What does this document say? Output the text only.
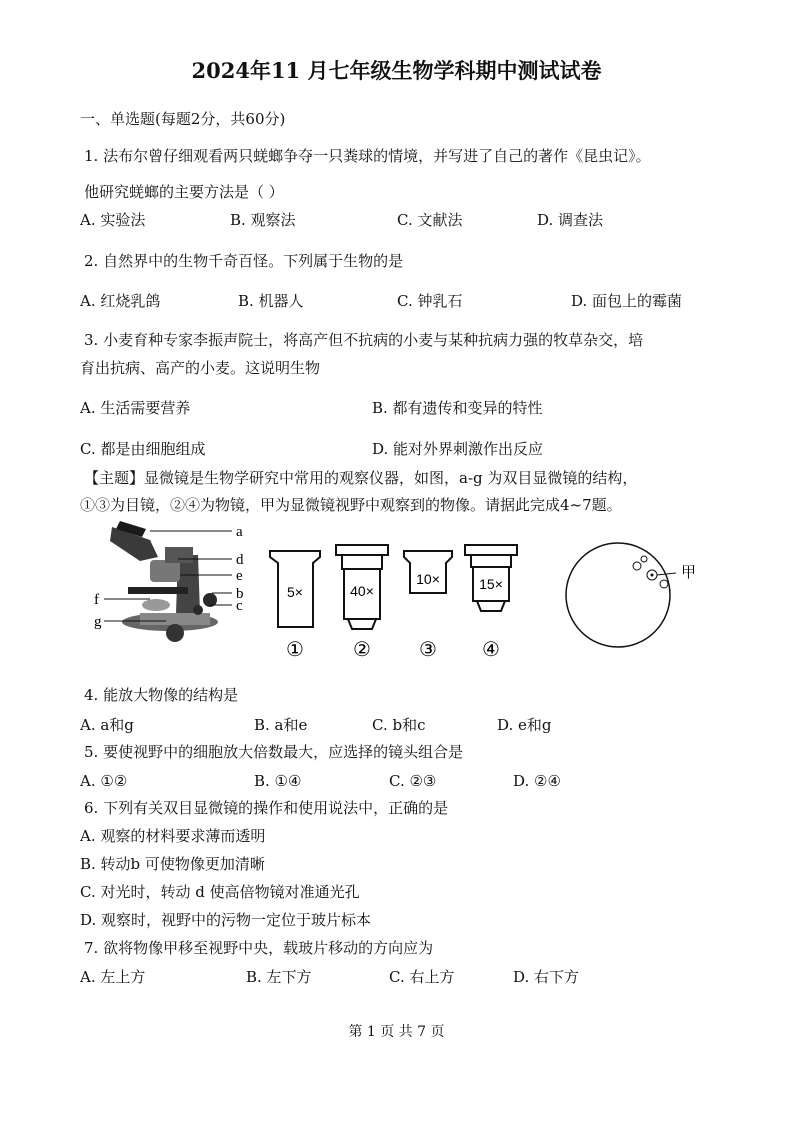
2024年11 月七年级生物学科期中测试试卷
一、单选题(每题2分，共60分)
1. 法布尔曾仔细观看两只蜣螂争夺一只粪球的情境，并写进了自己的著作《昆虫记》。
他研究蜣螂的主要方法是（ ）
A. 实验法	B. 观察法	C. 文献法	D. 调查法
2. 自然界中的生物千奇百怪。下列属于生物的是
A. 红烧乳鸽	B. 机器人	C. 钟乳石	D. 面包上的霉菌
3. 小麦育种专家李振声院士，将高产但不抗病的小麦与某种抗病力强的牧草杂交，培
育出抗病、高产的小麦。这说明生物
A. 生活需要营养	B. 都有遗传和变异的特性
C. 都是由细胞组成	D. 能对外界刺激作出反应
【主题】显微镜是生物学研究中常用的观察仪器，如图，a-g 为双目显微镜的结构，
①③为目镜，②④为物镜，甲为显微镜视野中观察到的物像。请据此完成4~7题。
a
d
e
b
c
f
g
5×
①
40×
②
10×
③
15×
④
甲
4. 能放大物像的结构是
A. a和g	B. a和e	C. b和c	D. e和g
5. 要使视野中的细胞放大倍数最大，应选择的镜头组合是
A. ①②	B. ①④	C. ②③	D. ②④
6. 下列有关双目显微镜的操作和使用说法中，正确的是
A. 观察的材料要求薄而透明
B. 转动b 可使物像更加清晰
C. 对光时，转动 d 使高倍物镜对准通光孔
D. 观察时，视野中的污物一定位于玻片标本
7. 欲将物像甲移至视野中央，载玻片移动的方向应为
A. 左上方	B. 左下方	C. 右上方	D. 右下方
第 1 页 共 7 页
